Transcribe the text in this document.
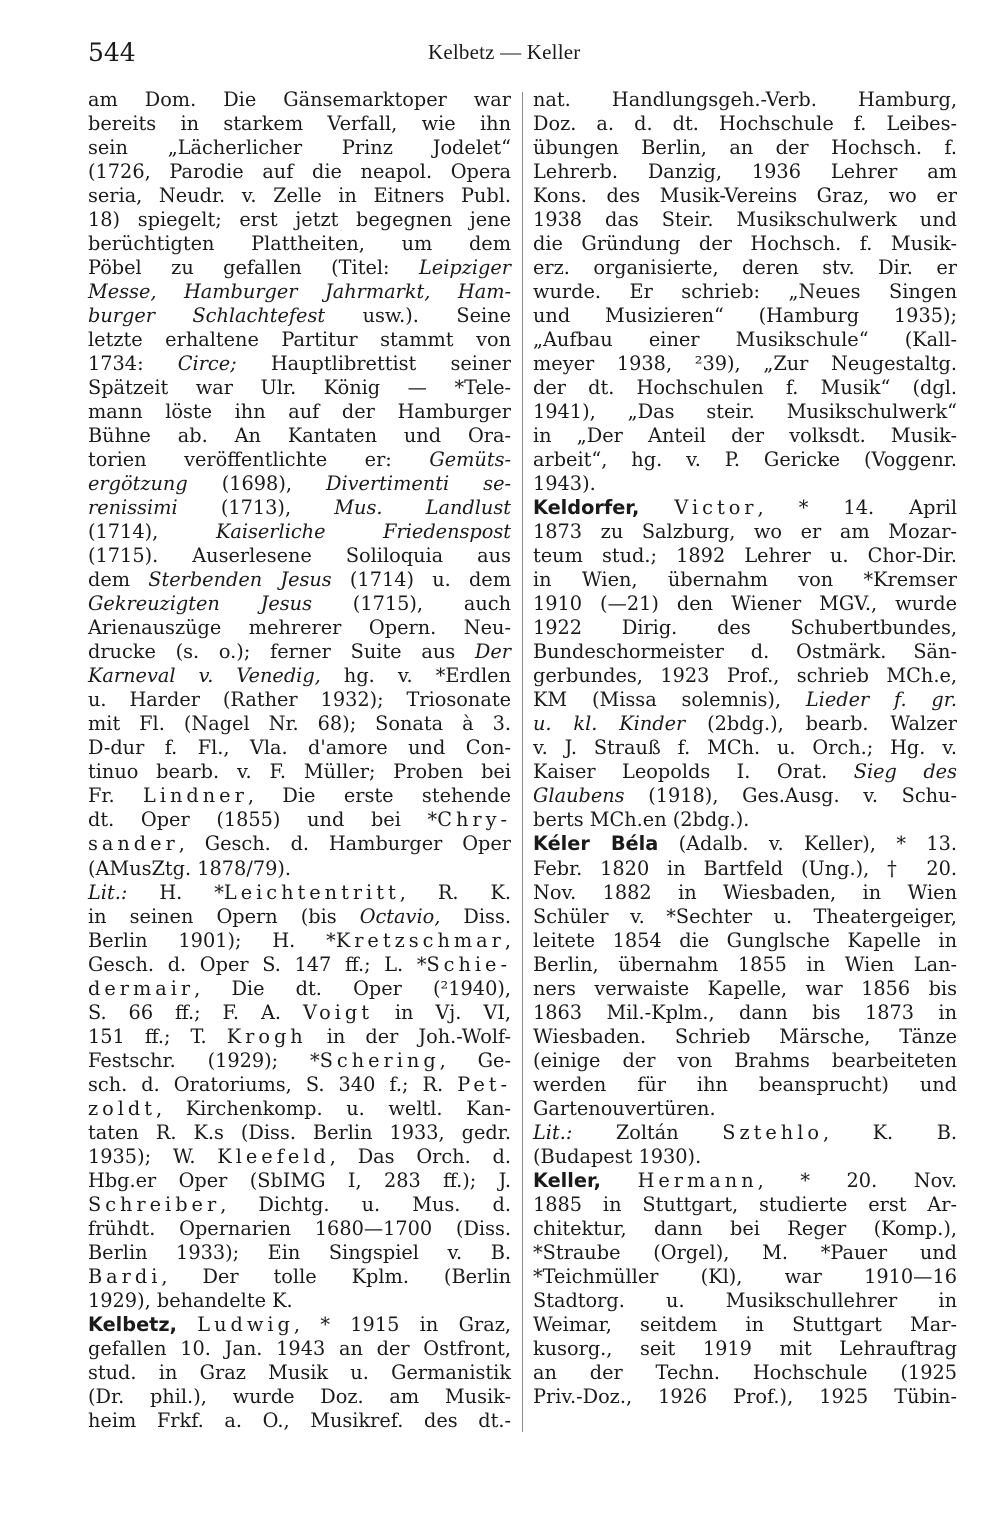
544	Kelbetz — Keller
am Dom. Die Gänsemarktoper war
bereits in starkem Verfall, wie ihn
sein „Lächerlicher Prinz Jodelet“
(1726, Parodie auf die neapol. Opera
seria, Neudr. v. Zelle in Eitners Publ.
18) spiegelt; erst jetzt begegnen jene
berüchtigten Plattheiten, um dem
Pöbel zu gefallen (Titel: Leipziger
Messe, Hamburger Jahrmarkt, Ham-
burger Schlachtefest usw.). Seine
letzte erhaltene Partitur stammt von
1734: Circe; Hauptlibrettist seiner
Spätzeit war Ulr. König — *Tele-
mann löste ihn auf der Hamburger
Bühne ab. An Kantaten und Ora-
torien veröffentlichte er: Gemüts-
ergötzung (1698), Divertimenti se-
renissimi (1713), Mus. Landlust
(1714), Kaiserliche Friedenspost
(1715). Auserlesene Soliloquia aus
dem Sterbenden Jesus (1714) u. dem
Gekreuzigten Jesus (1715), auch
Arienauszüge mehrerer Opern. Neu-
drucke (s. o.); ferner Suite aus Der
Karneval v. Venedig, hg. v. *Erdlen
u. Harder (Rather 1932); Triosonate
mit Fl. (Nagel Nr. 68); Sonata à 3.
D-dur f. Fl., Vla. d'amore und Con-
tinuo bearb. v. F. Müller; Proben bei
Fr. Lindner, Die erste stehende
dt. Oper (1855) und bei *Chry-
sander, Gesch. d. Hamburger Oper
(AMusZtg. 1878/79).
Lit.: H. *Leichtentritt, R. K.
in seinen Opern (bis Octavio, Diss.
Berlin 1901); H. *Kretzschmar,
Gesch. d. Oper S. 147 ff.; L. *Schie-
dermair, Die dt. Oper (²1940),
S. 66 ff.; F. A. Voigt in Vj. VI,
151 ff.; T. Krogh in der Joh.-Wolf-
Festschr. (1929); *Schering, Ge-
sch. d. Oratoriums, S. 340 f.; R. Pet-
zoldt, Kirchenkomp. u. weltl. Kan-
taten R. K.s (Diss. Berlin 1933, gedr.
1935); W. Kleefeld, Das Orch. d.
Hbg.er Oper (SbIMG I, 283 ff.); J.
Schreiber, Dichtg. u. Mus. d.
frühdt. Opernarien 1680—1700 (Diss.
Berlin 1933); Ein Singspiel v. B.
Bardi, Der tolle Kplm. (Berlin
1929), behandelte K.
Kelbetz, Ludwig, * 1915 in Graz,
gefallen 10. Jan. 1943 an der Ostfront,
stud. in Graz Musik u. Germanistik
(Dr. phil.), wurde Doz. am Musik-
heim Frkf. a. O., Musikref. des dt.-
nat. Handlungsgeh.-Verb. Hamburg,
Doz. a. d. dt. Hochschule f. Leibes-
übungen Berlin, an der Hochsch. f.
Lehrerb. Danzig, 1936 Lehrer am
Kons. des Musik-Vereins Graz, wo er
1938 das Steir. Musikschulwerk und
die Gründung der Hochsch. f. Musik-
erz. organisierte, deren stv. Dir. er
wurde. Er schrieb: „Neues Singen
und Musizieren“ (Hamburg 1935);
„Aufbau einer Musikschule“ (Kall-
meyer 1938, ²39), „Zur Neugestaltg.
der dt. Hochschulen f. Musik“ (dgl.
1941), „Das steir. Musikschulwerk“
in „Der Anteil der volksdt. Musik-
arbeit“, hg. v. P. Gericke (Voggenr.
1943).
Keldorfer, Victor, * 14. April
1873 zu Salzburg, wo er am Mozar-
teum stud.; 1892 Lehrer u. Chor-Dir.
in Wien, übernahm von *Kremser
1910 (—21) den Wiener MGV., wurde
1922 Dirig. des Schubertbundes,
Bundeschormeister d. Ostmärk. Sän-
gerbundes, 1923 Prof., schrieb MCh.e,
KM (Missa solemnis), Lieder f. gr.
u. kl. Kinder (2bdg.), bearb. Walzer
v. J. Strauß f. MCh. u. Orch.; Hg. v.
Kaiser Leopolds I. Orat. Sieg des
Glaubens (1918), Ges.Ausg. v. Schu-
berts MCh.en (2bdg.).
Kéler Béla (Adalb. v. Keller), * 13.
Febr. 1820 in Bartfeld (Ung.), † 20.
Nov. 1882 in Wiesbaden, in Wien
Schüler v. *Sechter u. Theatergeiger,
leitete 1854 die Gunglsche Kapelle in
Berlin, übernahm 1855 in Wien Lan-
ners verwaiste Kapelle, war 1856 bis
1863 Mil.-Kplm., dann bis 1873 in
Wiesbaden. Schrieb Märsche, Tänze
(einige der von Brahms bearbeiteten
werden für ihn beansprucht) und
Gartenouvertüren.
Lit.: Zoltán Sztehlo, K. B.
(Budapest 1930).
Keller, Hermann, * 20. Nov.
1885 in Stuttgart, studierte erst Ar-
chitektur, dann bei Reger (Komp.),
*Straube (Orgel), M. *Pauer und
*Teichmüller (Kl), war 1910—16
Stadtorg. u. Musikschullehrer in
Weimar, seitdem in Stuttgart Mar-
kusorg., seit 1919 mit Lehrauftrag
an der Techn. Hochschule (1925
Priv.-Doz., 1926 Prof.), 1925 Tübin-
